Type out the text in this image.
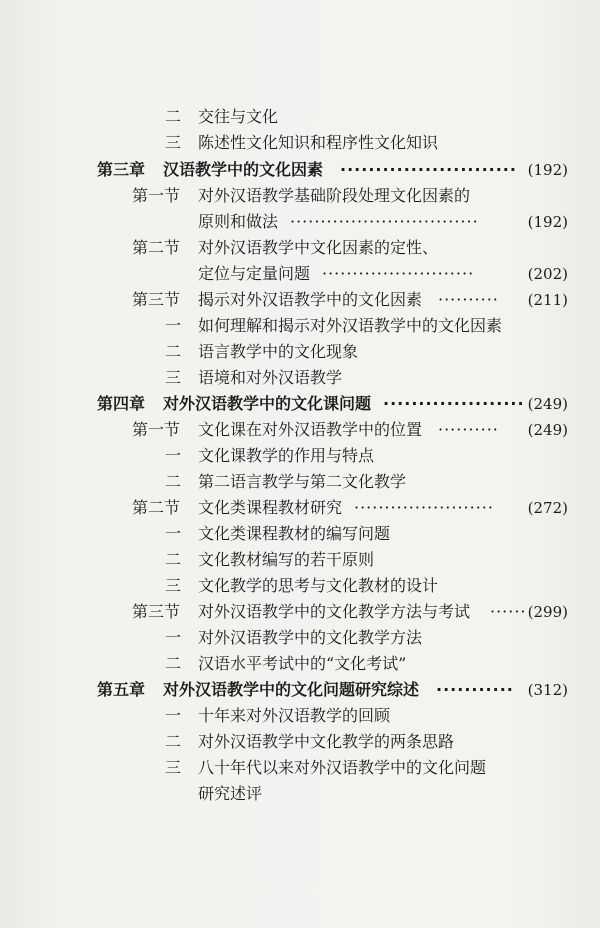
二 交往与文化
三 陈述性文化知识和程序性文化知识
第三章 汉语教学中的文化因素 ························· (192)
第一节 对外汉语教学基础阶段处理文化因素的
原则和做法 ·······························	(192)
第二节 对外汉语教学中文化因素的定性、
定位与定量问题 ·························	(202)
第三节 揭示对外汉语教学中的文化因素 ·········· (211)
一 如何理解和揭示对外汉语教学中的文化因素
二 语言教学中的文化现象
三 语境和对外汉语教学
第四章 对外汉语教学中的文化课问题 ···················· (249)
第一节 文化课在对外汉语教学中的位置 ·········· (249)
一 文化课教学的作用与特点
二 第二语言教学与第二文化教学
第二节 文化类课程教材研究 ······················· (272)
一 文化类课程教材的编写问题
二 文化教材编写的若干原则
三 文化教学的思考与文化教材的设计
第三节 对外汉语教学中的文化教学方法与考试 ······ (299)
一 对外汉语教学中的文化教学方法
二 汉语水平考试中的“文化考试”
第五章 对外汉语教学中的文化问题研究综述 ··········· (312)
一 十年来对外汉语教学的回顾
二 对外汉语教学中文化教学的两条思路
三 八十年代以来对外汉语教学中的文化问题
研究述评
